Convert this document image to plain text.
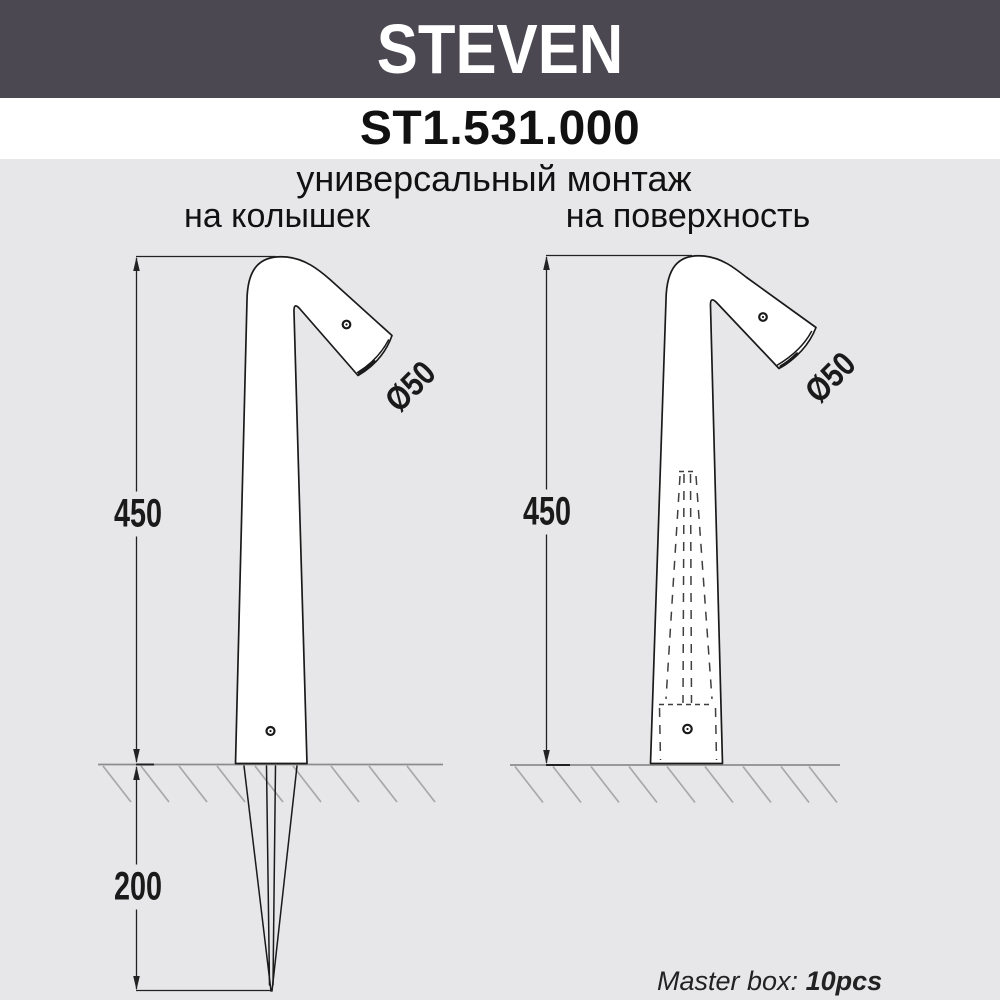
STEVEN
ST1.531.000
универсальный монтаж
на колышек	на поверхность
450
200
450
Ø50	Ø50
Master box: 10pcs
